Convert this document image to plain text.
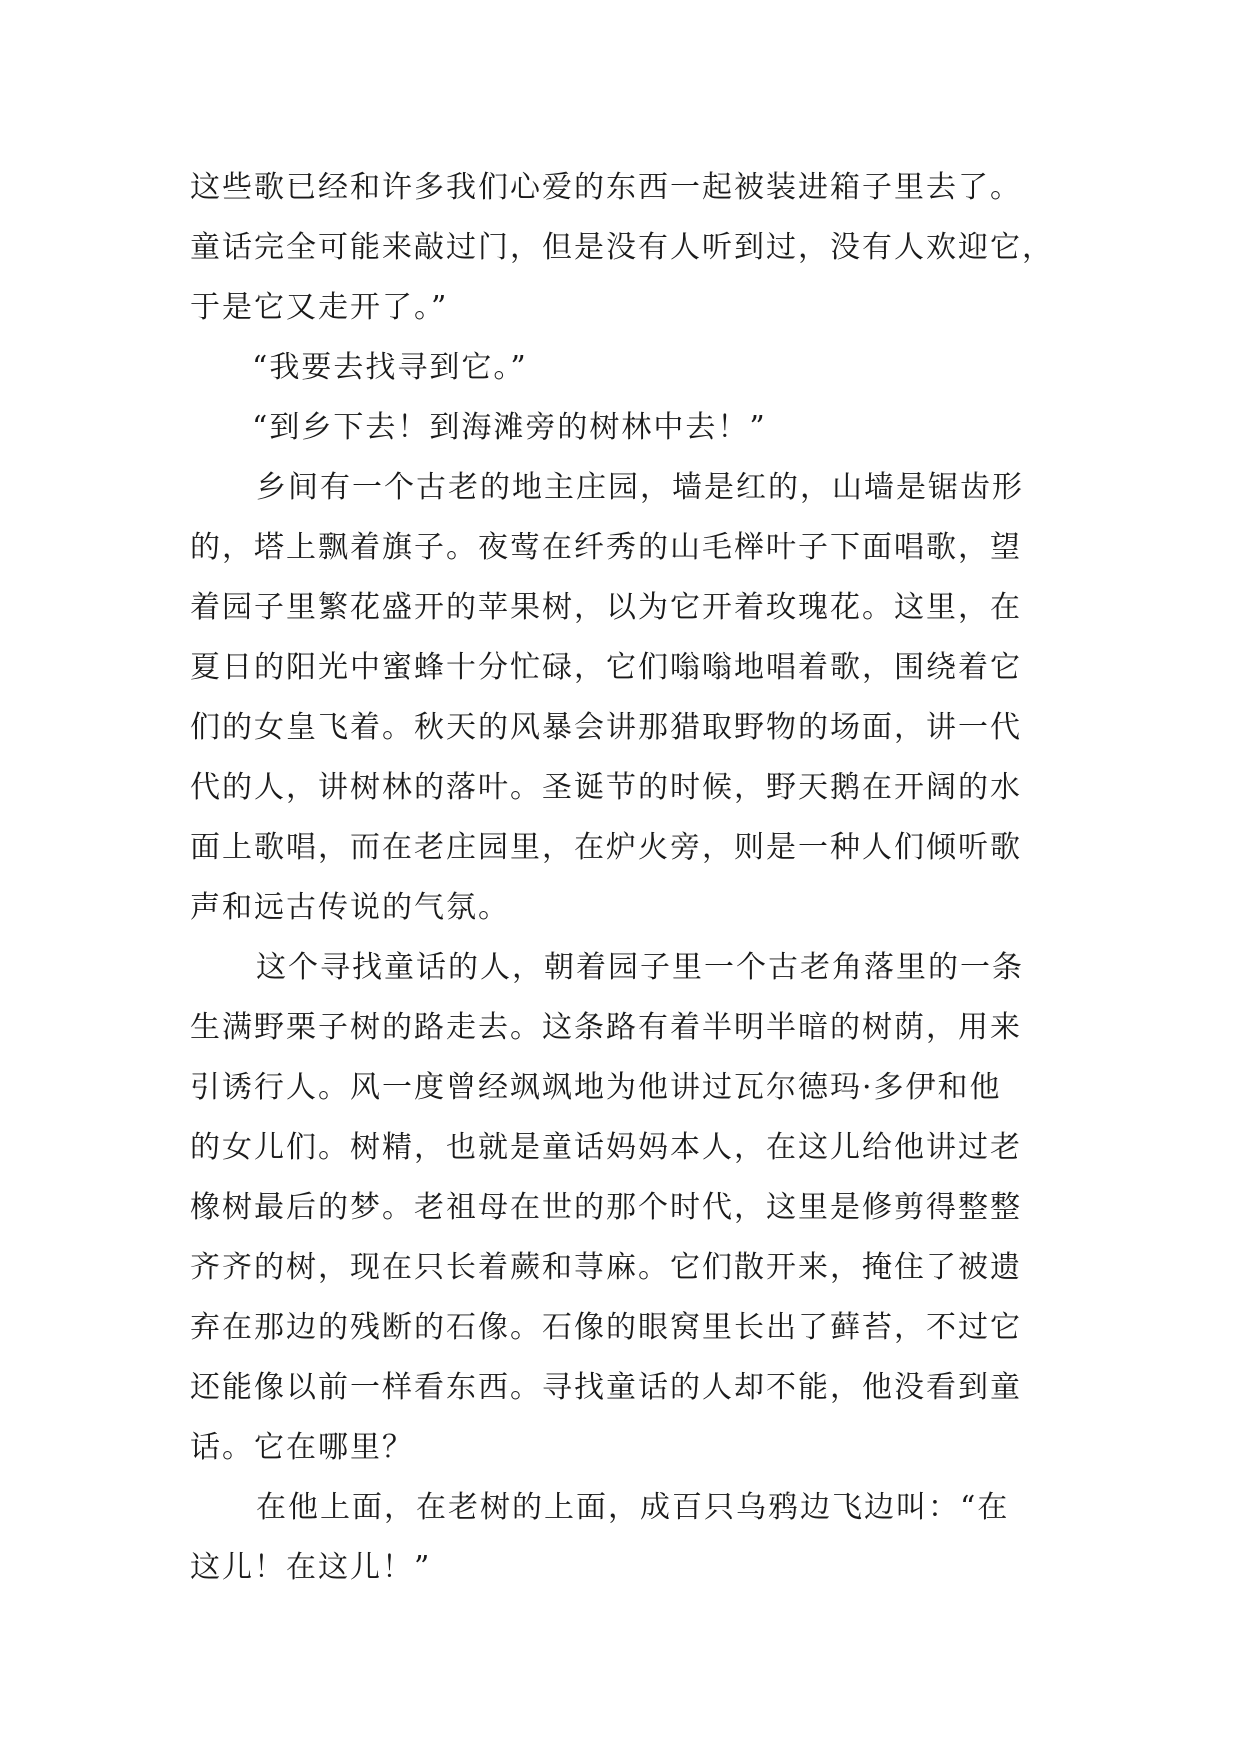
这些歌已经和许多我们心爱的东西一起被装进箱子里去了。
童话完全可能来敲过门，但是没有人听到过，没有人欢迎它，
于是它又走开了。”
“我要去找寻到它。”
“到乡下去！到海滩旁的树林中去！”
乡间有一个古老的地主庄园，墙是红的，山墙是锯齿形
的，塔上飘着旗子。夜莺在纤秀的山毛榉叶子下面唱歌，望
着园子里繁花盛开的苹果树，以为它开着玫瑰花。这里，在
夏日的阳光中蜜蜂十分忙碌，它们嗡嗡地唱着歌，围绕着它
们的女皇飞着。秋天的风暴会讲那猎取野物的场面，讲一代
代的人，讲树林的落叶。圣诞节的时候，野天鹅在开阔的水
面上歌唱，而在老庄园里，在炉火旁，则是一种人们倾听歌
声和远古传说的气氛。
这个寻找童话的人，朝着园子里一个古老角落里的一条
生满野栗子树的路走去。这条路有着半明半暗的树荫，用来
引诱行人。风一度曾经飒飒地为他讲过瓦尔德玛·多伊和他
的女儿们。树精，也就是童话妈妈本人，在这儿给他讲过老
橡树最后的梦。老祖母在世的那个时代，这里是修剪得整整
齐齐的树，现在只长着蕨和荨麻。它们散开来，掩住了被遗
弃在那边的残断的石像。石像的眼窝里长出了藓苔，不过它
还能像以前一样看东西。寻找童话的人却不能，他没看到童
话。它在哪里？
在他上面，在老树的上面，成百只乌鸦边飞边叫：“在
这儿！在这儿！”
